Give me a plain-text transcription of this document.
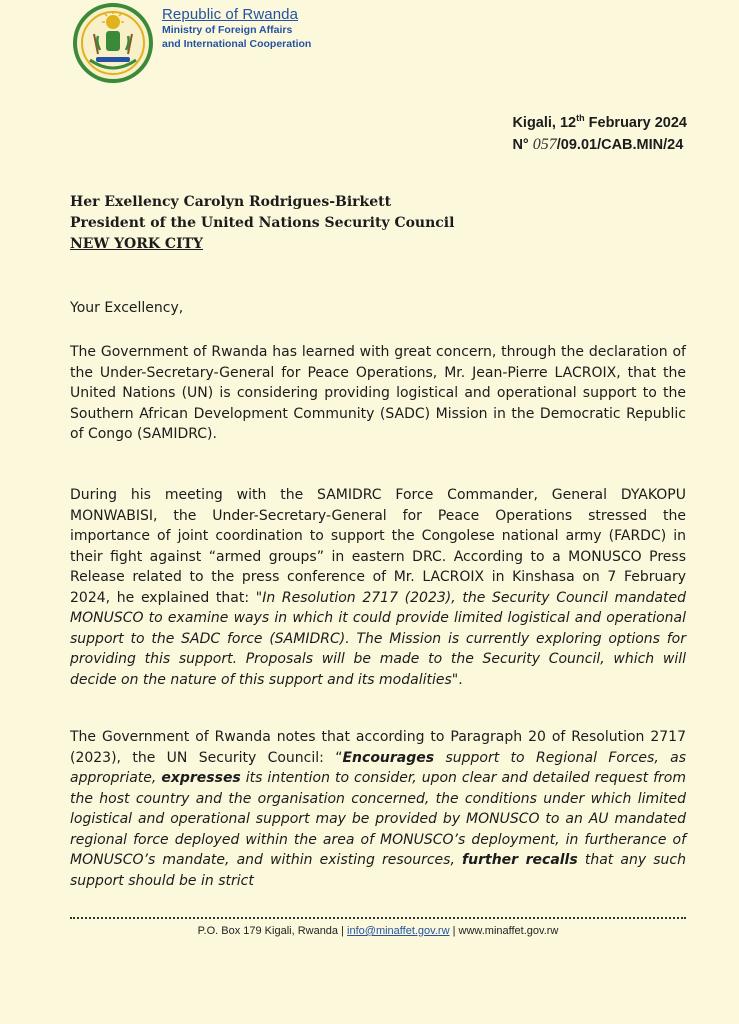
Republic of Rwanda
Ministry of Foreign Affairs
and International Cooperation
Kigali, 12th February 2024
N° 057/09.01/CAB.MIN/24
Her Exellency Carolyn Rodrigues-Birkett
President of the United Nations Security Council
NEW YORK CITY
Your Excellency,
The Government of Rwanda has learned with great concern, through the declaration of the Under-Secretary-General for Peace Operations, Mr. Jean-Pierre LACROIX, that the United Nations (UN) is considering providing logistical and operational support to the Southern African Development Community (SADC) Mission in the Democratic Republic of Congo (SAMIDRC).
During his meeting with the SAMIDRC Force Commander, General DYAKOPU MONWABISI, the Under-Secretary-General for Peace Operations stressed the importance of joint coordination to support the Congolese national army (FARDC) in their fight against “armed groups” in eastern DRC. According to a MONUSCO Press Release related to the press conference of Mr. LACROIX in Kinshasa on 7 February 2024, he explained that: "In Resolution 2717 (2023), the Security Council mandated MONUSCO to examine ways in which it could provide limited logistical and operational support to the SADC force (SAMIDRC). The Mission is currently exploring options for providing this support. Proposals will be made to the Security Council, which will decide on the nature of this support and its modalities".
The Government of Rwanda notes that according to Paragraph 20 of Resolution 2717 (2023), the UN Security Council: “Encourages support to Regional Forces, as appropriate, expresses its intention to consider, upon clear and detailed request from the host country and the organisation concerned, the conditions under which limited logistical and operational support may be provided by MONUSCO to an AU mandated regional force deployed within the area of MONUSCO’s deployment, in furtherance of MONUSCO’s mandate, and within existing resources, further recalls that any such support should be in strict
P.O. Box 179 Kigali, Rwanda | info@minaffet.gov.rw | www.minaffet.gov.rw
